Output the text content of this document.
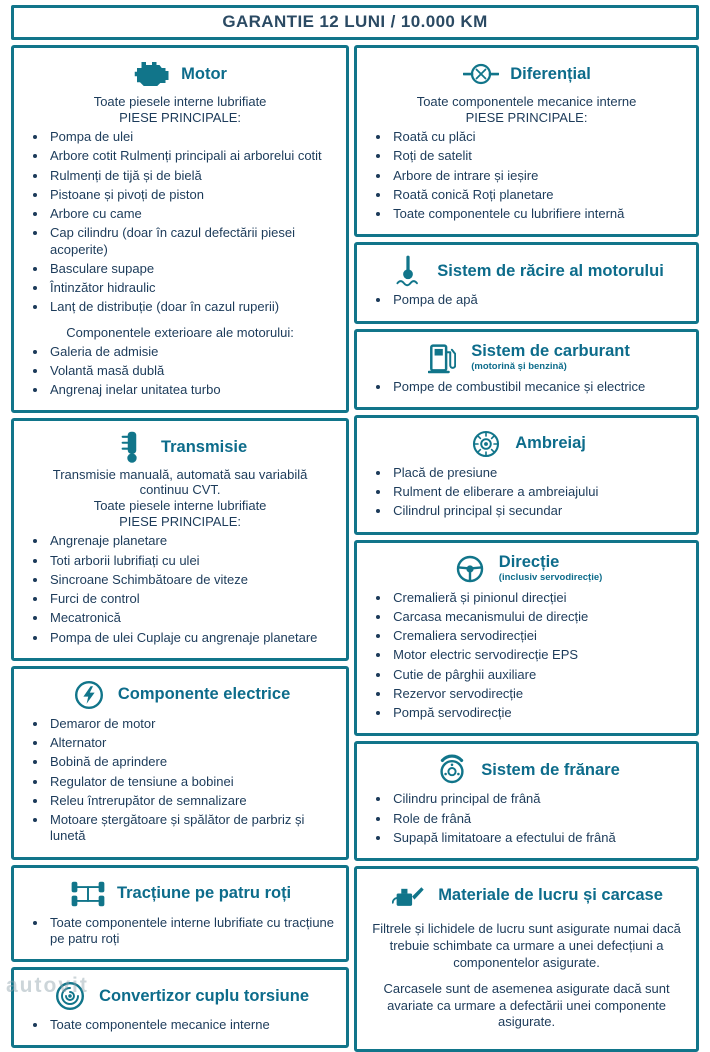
GARANTIE 12 LUNI / 10.000 KM
Motor
Toate piesele interne lubrifiate
PIESE PRINCIPALE:
• Pompa de ulei
• Arbore cotit Rulmenți principali ai arborelui cotit
• Rulmenți de tijă și de bielă
• Pistoane și pivoți de piston
• Arbore cu came
• Cap cilindru (doar în cazul defectării piesei acoperite)
• Basculare supape
• Întinzător hidraulic
• Lanț de distribuție (doar în cazul ruperii)
Componentele exterioare ale motorului:
• Galeria de admisie
• Volantă masă dublă
• Angrenaj inelar unitatea turbo
Transmisie
Transmisie manuală, automată sau variabilă continuu CVT.
Toate piesele interne lubrifiate
PIESE PRINCIPALE:
• Angrenaje planetare
• Toti arborii lubrifiați cu ulei
• Sincroane Schimbătoare de viteze
• Furci de control
• Mecatronică
• Pompa de ulei Cuplaje cu angrenaje planetare
Componente electrice
• Demaror de motor
• Alternator
• Bobină de aprindere
• Regulator de tensiune a bobinei
• Releu întrerupător de semnalizare
• Motoare ștergătoare și spălător de parbriz și lunetă
Tracțiune pe patru roți
• Toate componentele interne lubrifiate cu tracțiune pe patru roți
Convertizor cuplu torsiune
• Toate componentele mecanice interne
Diferențial
Toate componentele mecanice interne
PIESE PRINCIPALE:
• Roată cu plăci
• Roți de satelit
• Arbore de intrare și ieșire
• Roată conică Roți planetare
• Toate componentele cu lubrifiere internă
Sistem de răcire al motorului
• Pompa de apă
Sistem de carburant
(motorină și benzină)
• Pompe de combustibil mecanice și electrice
Ambreiaj
• Placă de presiune
• Rulment de eliberare a ambreiajului
• Cilindrul principal și secundar
Direcție
(inclusiv servodirecție)
• Cremalieră și pinionul direcției
• Carcasa mecanismului de direcție
• Cremaliera servodirecției
• Motor electric servodirecție EPS
• Cutie de pârghii auxiliare
• Rezervor servodirecție
• Pompă servodirecție
Sistem de frănare
• Cilindru principal de frână
• Role de frână
• Supapă limitatoare a efectului de frână
Materiale de lucru și carcase
Filtrele și lichidele de lucru sunt asigurate numai dacă trebuie schimbate ca urmare a unei defecțiuni a componentelor asigurate.
Carcasele sunt de asemenea asigurate dacă sunt avariate ca urmare a defectării unei componente asigurate.
autovit
